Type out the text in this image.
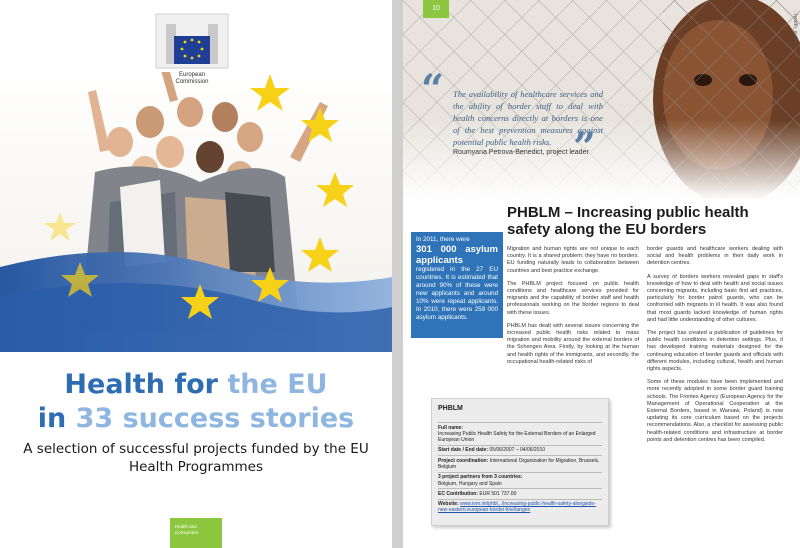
European
Commission
Health for the EU
in 33 success stories
A selection of successful projects funded by the EU Health Programmes
Health and Consumers
10
...health_eu/ph_2e
“ The availability of healthcare services and the ability of border staff to deal with health concerns directly at borders is one of the best prevention measures against potential public health risks.
Roumyana Petrova-Benedict, project leader
”
PHBLM – Increasing public health safety along the EU borders
In 2011, there were
301 000 asylum applicants
registered in the 27 EU countries. It is estimated that around 90% of these were new applicants and around 10% were repeat applicants. In 2010, there were 259 000 asylum applicants.

Migration and human rights are not unique to each country. It is a shared problem: they have no borders. EU funding naturally leads to collaboration between countries and best practice exchange.

The PHBLM project focused on public health conditions and healthcare services provided for migrants and the capability of border staff and health professionals working on the border regions to deal with these issues.

PHBLM has dealt with several issues concerning the increased public health risks related to mass migration and mobility around the external borders of the Schengen Area. Firstly, by looking at the human and health rights of the immigrants, and secondly, the occupational health-related risks of

border guards and healthcare workers dealing with social and health problems in their daily work in detention centres.

A survey of borders workers revealed gaps in staff's knowledge of how to deal with health and social issues concerning migrants, including basic first aid practices, particularly for border patrol guards, who can be confronted with migrants in ill health. It was also found that most guards lacked knowledge of human rights and had little understanding of other cultures.

The project has created a publication of guidelines for public health conditions in detention settings. Plus, it has developed training materials designed for the continuing education of border guards and officials with different modules, including cultural, health and human rights aspects.

Some of these modules have been implemented and more recently adopted in some border guard training schools. The Frontex Agency (European Agency for the Management of Operational Cooperation at the External Borders, based in Warsaw, Poland) is now updating its core curriculum based on the projects recommendations. Also, a checklist for assessing public health-related conditions and infrastructure at border points and detention centres has been compiled.

PHBLM
Full name:
Increasing Public Health Safety for the External Borders of an Enlarged European Union
Start date / End date: 05/06/2007 – 04/06/2010
Project coordination: International Organization for Migration, Brussels, Belgium
3 project partners from 3 countries:
Belgium, Hungary and Spain
EC Contribution: EUR 501 737.00
Website: www.iom.int/phbl.../increasing-public-health-safety-alongside-new-eastern-european-border-line/langen
